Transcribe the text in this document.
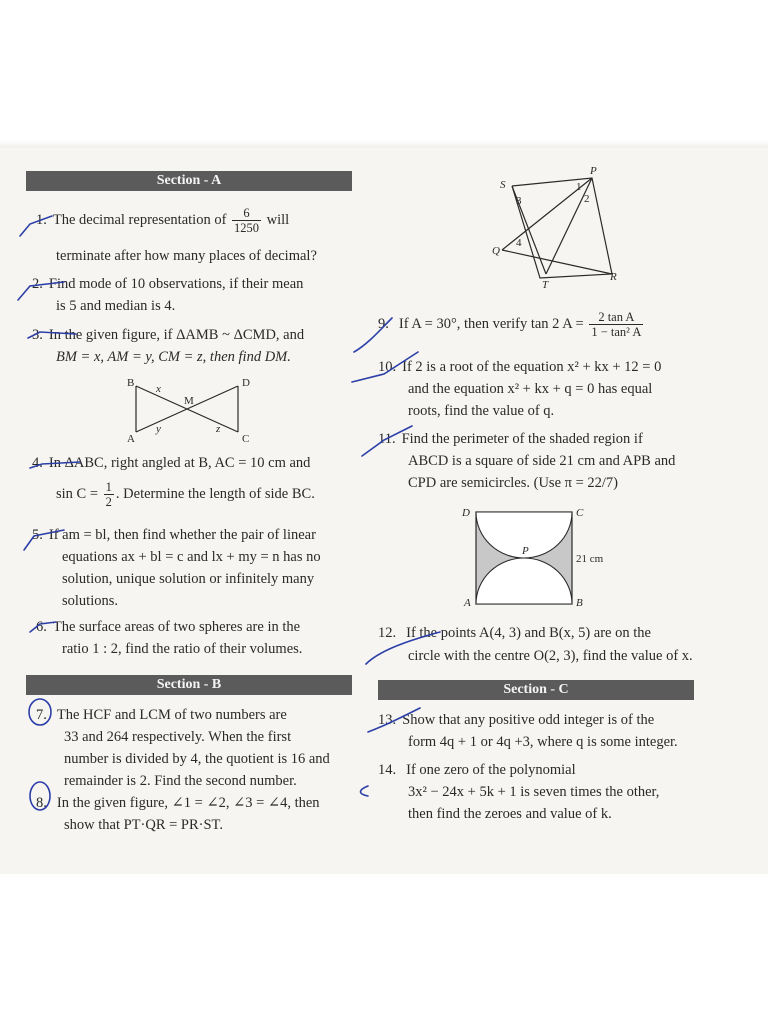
Section - A
Section - B	Section - C
1. The decimal representation of $\frac{6}{1250}$ will
terminate after how many places of decimal?
2. Find mode of 10 observations, if their mean
is 5 and median is 4.
3. In the given figure, if ΔAMB ~ ΔCMD, and
BM = x, AM = y, CM = z, then find DM.
B	D
A	C
M
x
y	z
4. In ΔABC, right angled at B, AC = 10 cm and
$\sin C = \frac{1}{2}$ . Determine the length of side BC.
5. If am = bl, then find whether the pair of linear
equations ax + bl = c and lx + my = n has no
solution, unique solution or infinitely many
solutions.
6. The surface areas of two spheres are in the
ratio 1 : 2, find the ratio of their volumes.
7. The HCF and LCM of two numbers are
33 and 264 respectively. When the first
number is divided by 4, the quotient is 16 and
remainder is 2. Find the second number.
8. In the given figure, ∠1 = ∠2, ∠3 = ∠4, then
show that PT·QR = PR·ST.
S
P
Q
T
R
1
2
3
4
9. If A = 30°, then verify tan 2 $A = \frac{\text{2 tan A}}{\text{1 − tan² A}}$
10. If 2 is a root of the equation x² + kx + 12 = 0
and the equation x² + kx + q = 0 has equal
roots, find the value of q.
11. Find the perimeter of the shaded region if
ABCD is a square of side 21 cm and APB and
CPD are semicircles. (Use π = 22/7)
D	C
A	B
P
21 cm
12. If the points A(4, 3) and B(x, 5) are on the
circle with the centre O(2, 3), find the value of x.
13. Show that any positive odd integer is of the
form 4q + 1 or 4q +3, where q is some integer.
14. If one zero of the polynomial
3x² − 24x + 5k + 1 is seven times the other,
then find the zeroes and value of k.
